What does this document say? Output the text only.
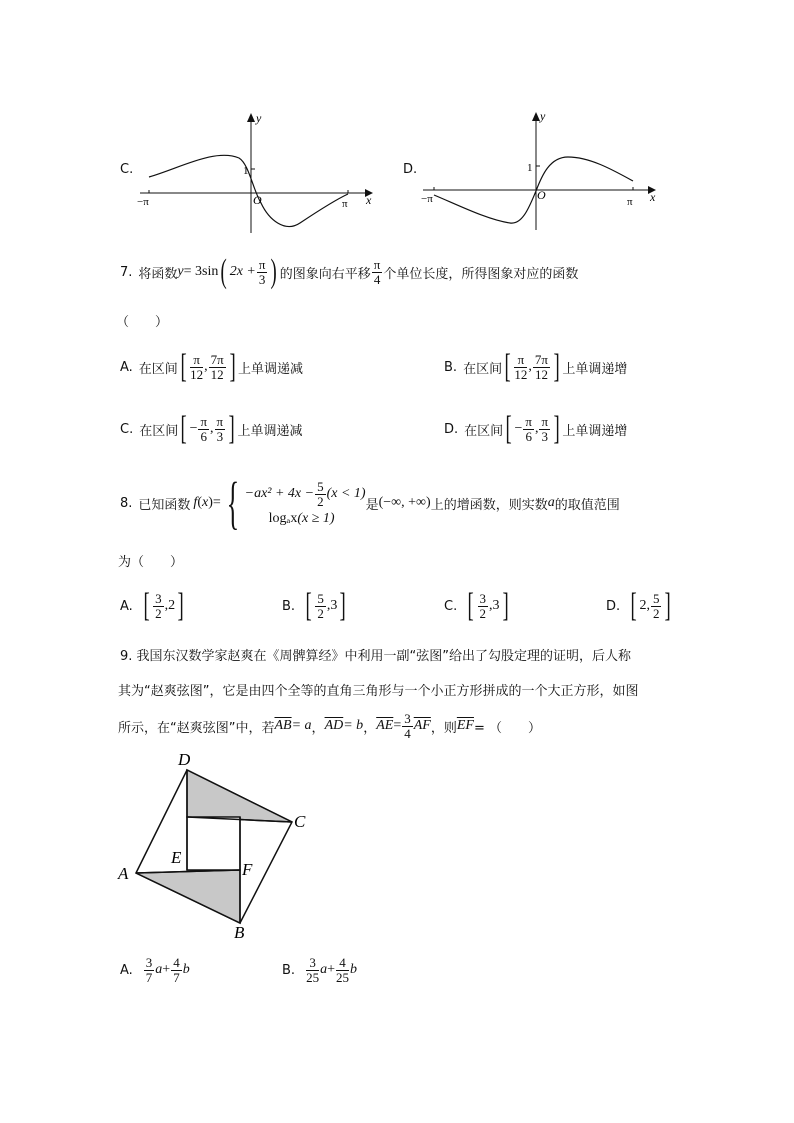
C.
−π	π
1
O	x
y
D.
−π	π
1
O	x
y
7. 将函数 y = 3sin ( $2x + \frac{\pi}{3}$ ) 的图象向右平移 $\frac{\pi}{4}$ 个单位长度，所得图象对应的函数
（　　）
A. 在区间 [ $\frac{\pi}{12}$ , $\frac{7\pi}{12}$ ] 上单调递减	B. 在区间 [ $\frac{\pi}{12}$ , $\frac{7\pi}{12}$ ] 上单调递增
C. 在区间 [ − $\frac{\pi}{6}$ , $\frac{\pi}{3}$ ] 上单调递减	D. 在区间 [ − $\frac{\pi}{6}$ , $\frac{\pi}{3}$ ] 上单调递增
8. 已知函数 f ( x ) = { $-ax^2 + 4x - \frac{5}{2} (x < 1)$
logₐx (x ≥ 1)
是 (−∞, +∞) 上的增函数，则实数 a 的取值范围
为（　　）
A. [ $\frac{3}{2}$ , 2 ]	B. [ $\frac{5}{2}$ , 3 ]	C. [ $\frac{3}{2}$ , 3 ]	D. [ 2 , $\frac{5}{2}$ ]
9. 我国东汉数学家赵爽在《周髀算经》中利用一副“弦图”给出了勾股定理的证明，后人称
其为“赵爽弦图”，它是由四个全等的直角三角形与一个小正方形拼成的一个大正方形，如图
所示，在“赵爽弦图”中，若 $\overline{AB} = a$ ， $\overline{AD} = b$ ， $\overline{AE} = \frac{3}{4} \overline{AF}$ ，则 $\overline{EF}$ = （　　）
D
C
A
B
E
F
A. $\frac{3}{7}$ $a + \frac{4}{7}$ b	B. $\frac{3}{25}$ $a + \frac{4}{25}$ b
